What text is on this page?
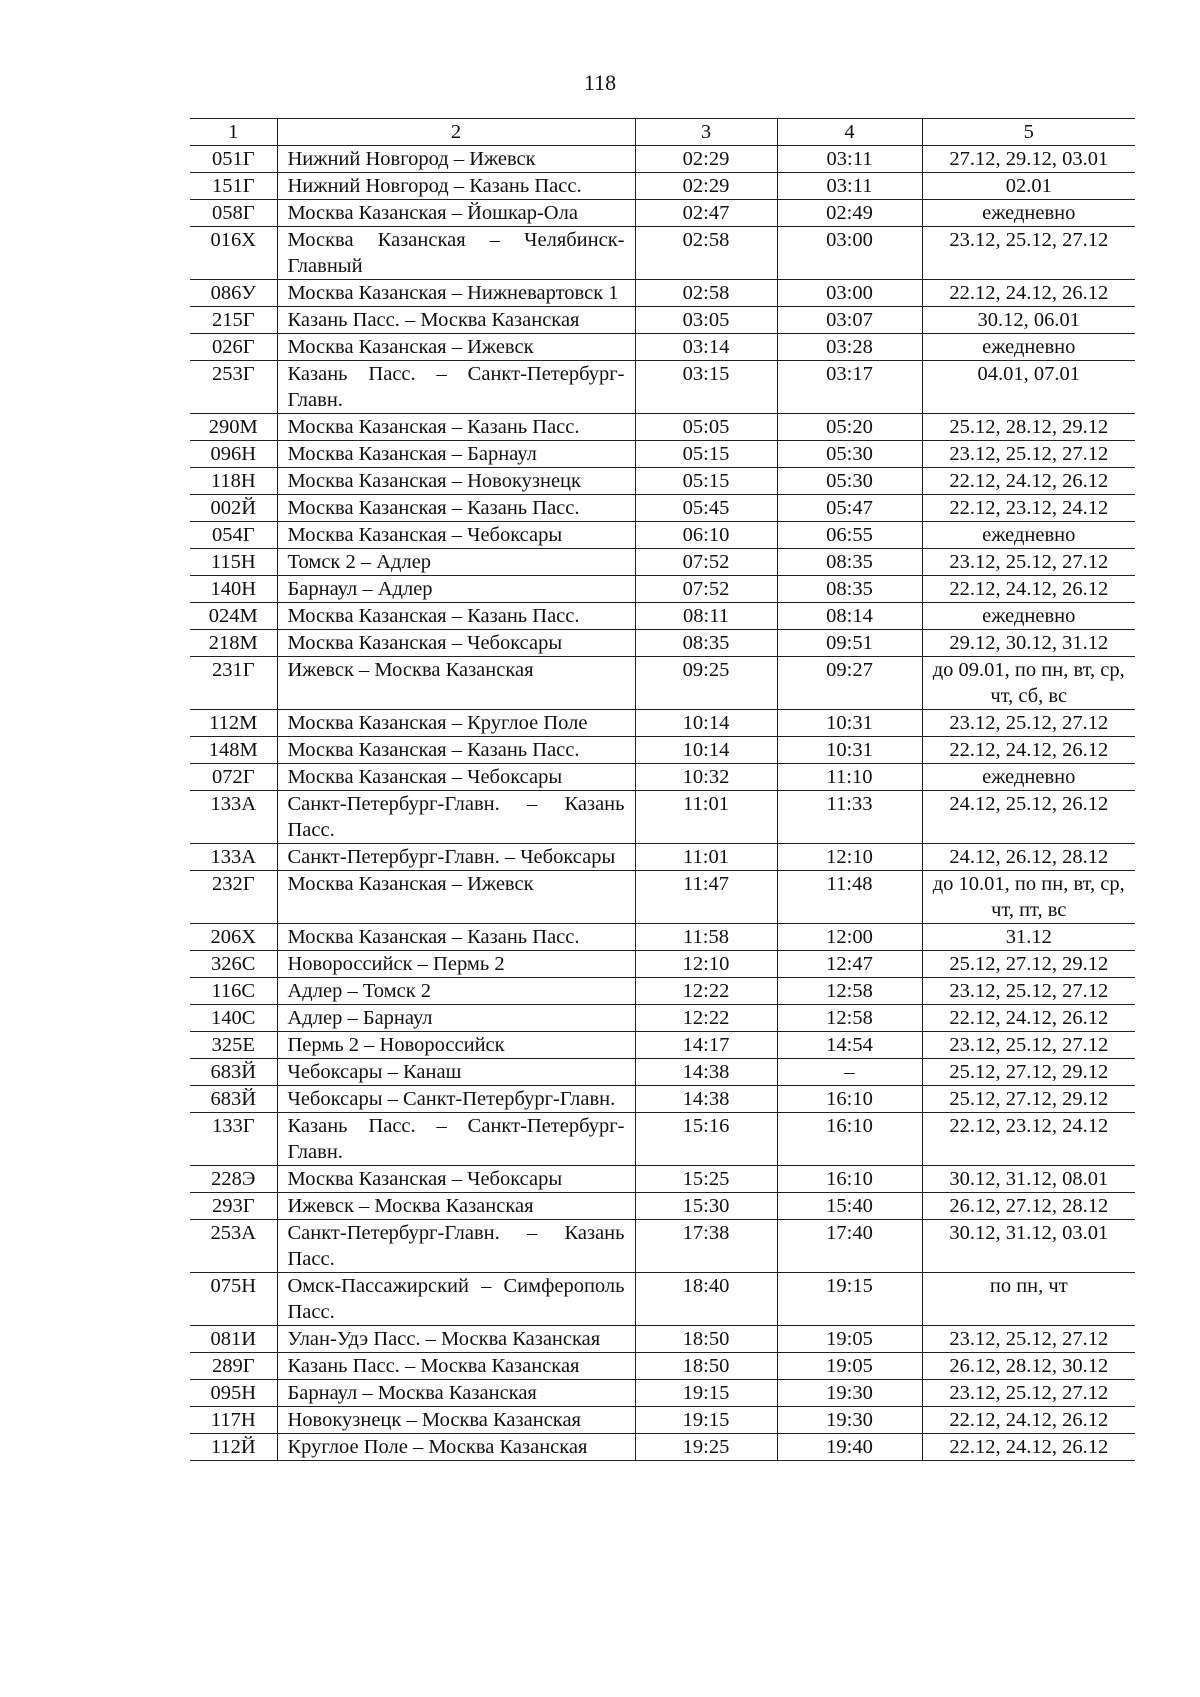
118
1	2	3	4	5
051Г	Нижний Новгород – Ижевск	02:29	03:11	27.12, 29.12, 03.01
151Г	Нижний Новгород – Казань Пасс.	02:29	03:11	02.01
058Г	Москва Казанская – Йошкар-Ола	02:47	02:49	ежедневно
016Х	Москва Казанская – Челябинск-Главный	02:58	03:00	23.12, 25.12, 27.12
086У	Москва Казанская – Нижневартовск 1	02:58	03:00	22.12, 24.12, 26.12
215Г	Казань Пасс. – Москва Казанская	03:05	03:07	30.12, 06.01
026Г	Москва Казанская – Ижевск	03:14	03:28	ежедневно
253Г	Казань Пасс. – Санкт-Петербург-Главн.	03:15	03:17	04.01, 07.01
290М	Москва Казанская – Казань Пасс.	05:05	05:20	25.12, 28.12, 29.12
096Н	Москва Казанская – Барнаул	05:15	05:30	23.12, 25.12, 27.12
118Н	Москва Казанская – Новокузнецк	05:15	05:30	22.12, 24.12, 26.12
002Й	Москва Казанская – Казань Пасс.	05:45	05:47	22.12, 23.12, 24.12
054Г	Москва Казанская – Чебоксары	06:10	06:55	ежедневно
115Н	Томск 2 – Адлер	07:52	08:35	23.12, 25.12, 27.12
140Н	Барнаул – Адлер	07:52	08:35	22.12, 24.12, 26.12
024М	Москва Казанская – Казань Пасс.	08:11	08:14	ежедневно
218М	Москва Казанская – Чебоксары	08:35	09:51	29.12, 30.12, 31.12
231Г	Ижевск – Москва Казанская	09:25	09:27	до 09.01, по пн, вт, ср, чт, сб, вс
112М	Москва Казанская – Круглое Поле	10:14	10:31	23.12, 25.12, 27.12
148М	Москва Казанская – Казань Пасс.	10:14	10:31	22.12, 24.12, 26.12
072Г	Москва Казанская – Чебоксары	10:32	11:10	ежедневно
133А	Санкт-Петербург-Главн. – Казань Пасс.	11:01	11:33	24.12, 25.12, 26.12
133А	Санкт-Петербург-Главн. – Чебоксары	11:01	12:10	24.12, 26.12, 28.12
232Г	Москва Казанская – Ижевск	11:47	11:48	до 10.01, по пн, вт, ср, чт, пт, вс
206Х	Москва Казанская – Казань Пасс.	11:58	12:00	31.12
326С	Новороссийск – Пермь 2	12:10	12:47	25.12, 27.12, 29.12
116С	Адлер – Томск 2	12:22	12:58	23.12, 25.12, 27.12
140С	Адлер – Барнаул	12:22	12:58	22.12, 24.12, 26.12
325Е	Пермь 2 – Новороссийск	14:17	14:54	23.12, 25.12, 27.12
683Й	Чебоксары – Канаш	14:38	–	25.12, 27.12, 29.12
683Й	Чебоксары – Санкт-Петербург-Главн.	14:38	16:10	25.12, 27.12, 29.12
133Г	Казань Пасс. – Санкт-Петербург-Главн.	15:16	16:10	22.12, 23.12, 24.12
228Э	Москва Казанская – Чебоксары	15:25	16:10	30.12, 31.12, 08.01
293Г	Ижевск – Москва Казанская	15:30	15:40	26.12, 27.12, 28.12
253А	Санкт-Петербург-Главн. – Казань Пасс.	17:38	17:40	30.12, 31.12, 03.01
075Н	Омск-Пассажирский – Симферополь Пасс.	18:40	19:15	по пн, чт
081И	Улан-Удэ Пасс. – Москва Казанская	18:50	19:05	23.12, 25.12, 27.12
289Г	Казань Пасс. – Москва Казанская	18:50	19:05	26.12, 28.12, 30.12
095Н	Барнаул – Москва Казанская	19:15	19:30	23.12, 25.12, 27.12
117Н	Новокузнецк – Москва Казанская	19:15	19:30	22.12, 24.12, 26.12
112Й	Круглое Поле – Москва Казанская	19:25	19:40	22.12, 24.12, 26.12
